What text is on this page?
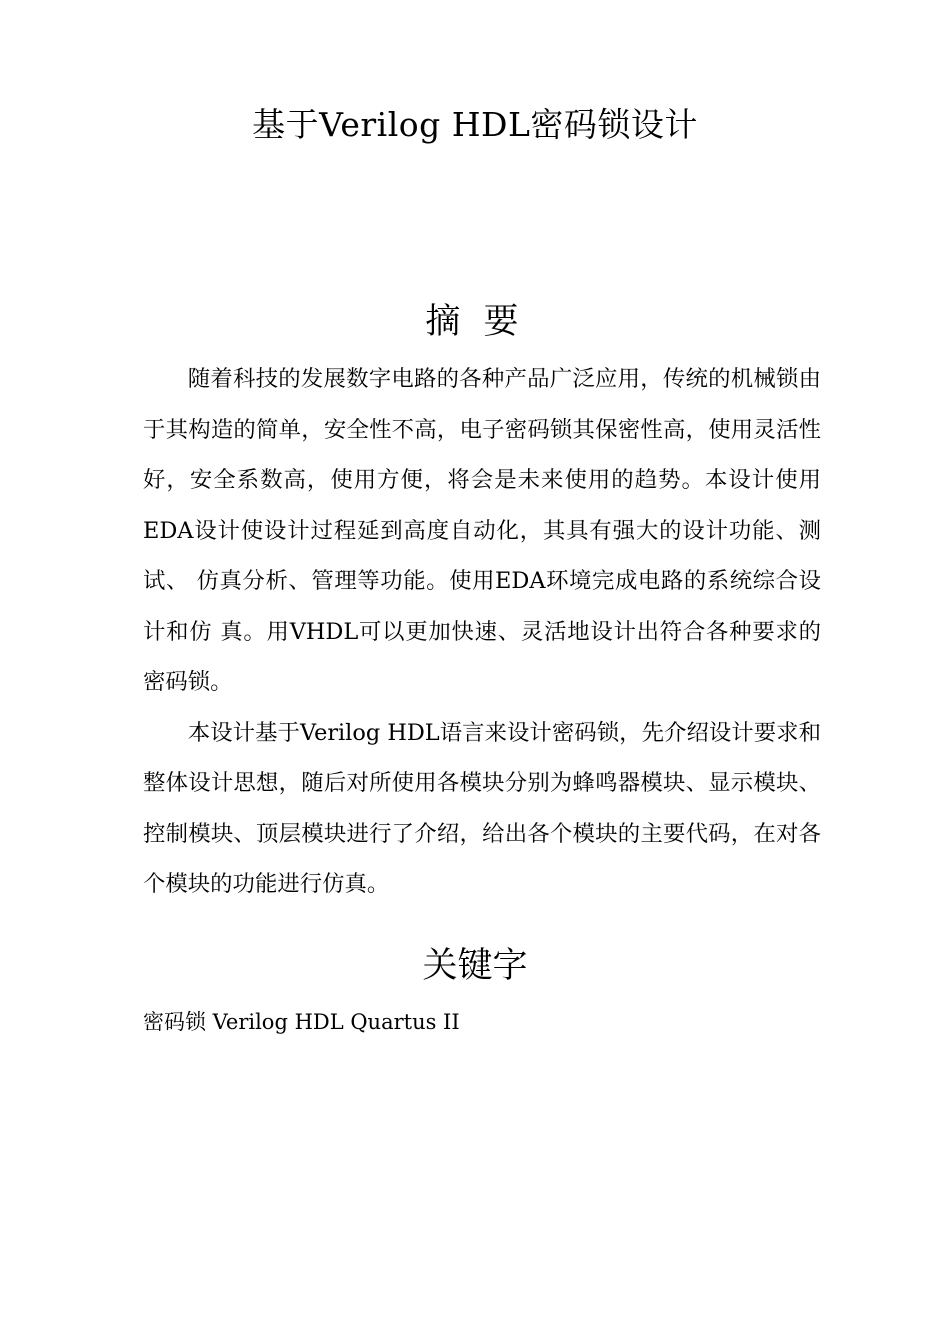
基于Verilog HDL密码锁设计
摘 要

随着科技的发展数字电路的各种产品广泛应用，传统的机械锁由于其构造的简单，安全性不高，电子密码锁其保密性高，使用灵活性好，安全系数高，使用方便，将会是未来使用的趋势。本设计使用EDA设计使设计过程延到高度自动化，其具有强大的设计功能、测试、 仿真分析、管理等功能。使用EDA环境完成电路的系统综合设计和仿 真。用VHDL可以更加快速、灵活地设计出符合各种要求的密码锁。

本设计基于Verilog HDL语言来设计密码锁，先介绍设计要求和整体设计思想，随后对所使用各模块分别为蜂鸣器模块、显示模块、控制模块、顶层模块进行了介绍，给出各个模块的主要代码，在对各个模块的功能进行仿真。

关键字
密码锁 Verilog HDL Quartus II
